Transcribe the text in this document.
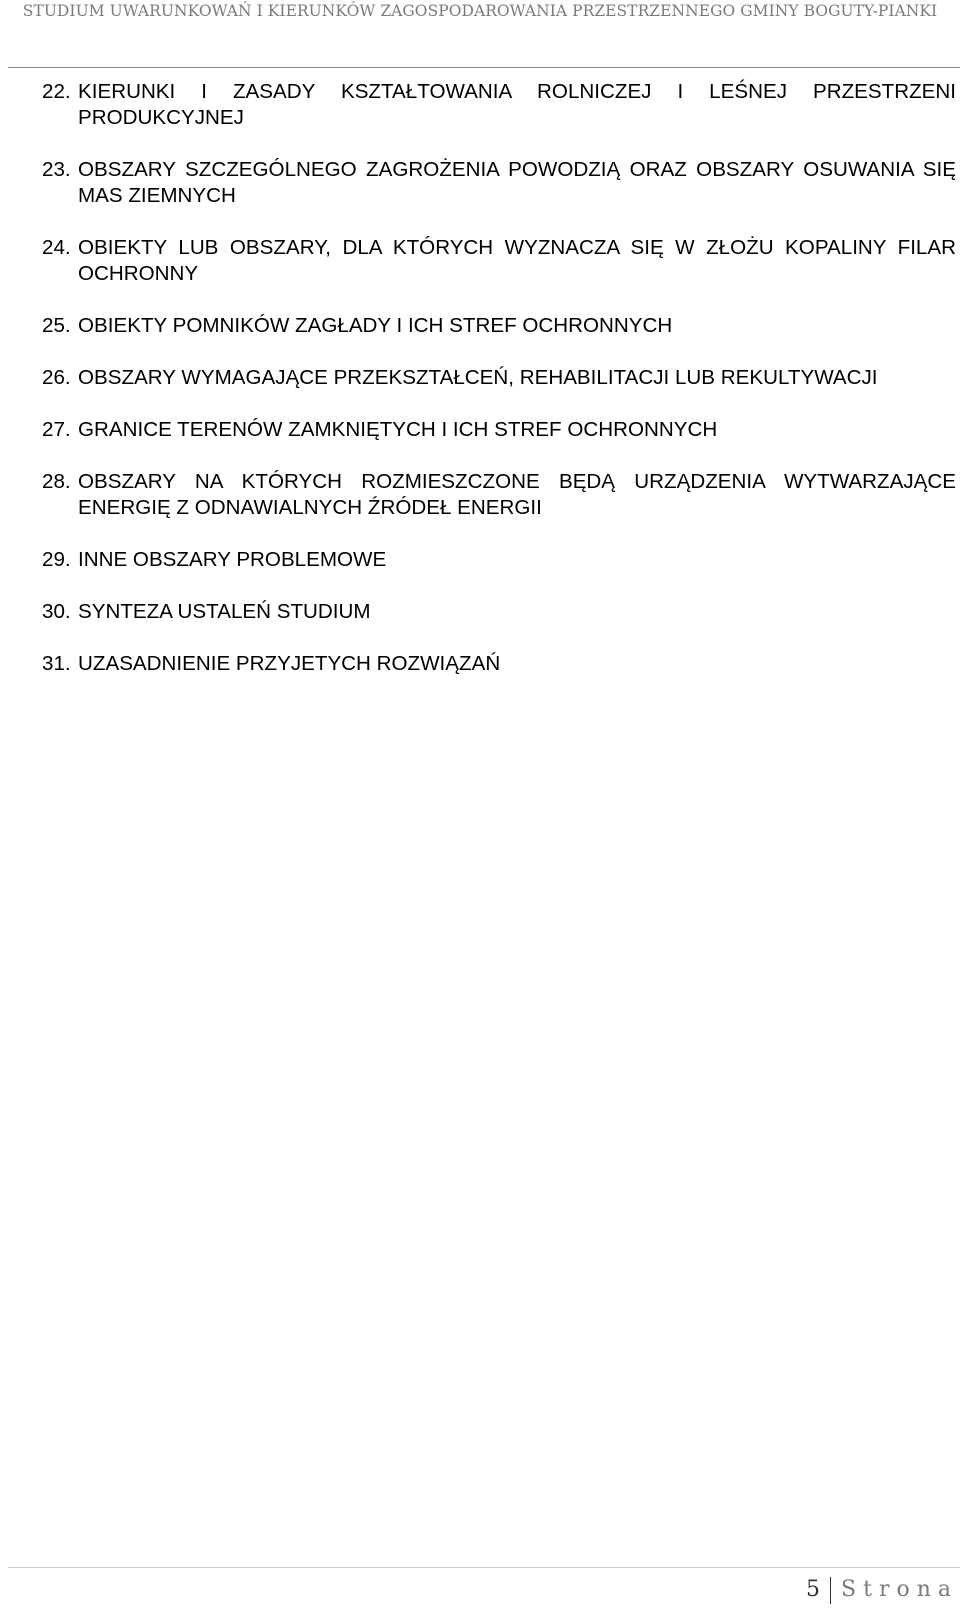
STUDIUM UWARUNKOWAŃ I KIERUNKÓW ZAGOSPODAROWANIA PRZESTRZENNEGO GMINY BOGUTY-PIANKI
22. KIERUNKI I ZASADY KSZTAŁTOWANIA ROLNICZEJ I LEŚNEJ PRZESTRZENI PRODUKCYJNEJ
23. OBSZARY SZCZEGÓLNEGO ZAGROŻENIA POWODZIĄ ORAZ OBSZARY OSUWANIA SIĘ MAS ZIEMNYCH
24. OBIEKTY LUB OBSZARY, DLA KTÓRYCH WYZNACZA SIĘ W ZŁOŻU KOPALINY FILAR OCHRONNY
25. OBIEKTY POMNIKÓW ZAGŁADY I ICH STREF OCHRONNYCH
26. OBSZARY WYMAGAJĄCE PRZEKSZTAŁCEŃ, REHABILITACJI LUB REKULTYWACJI
27. GRANICE TERENÓW ZAMKNIĘTYCH I ICH STREF OCHRONNYCH
28. OBSZARY NA KTÓRYCH ROZMIESZCZONE BĘDĄ URZĄDZENIA WYTWARZAJĄCE ENERGIĘ Z ODNAWIALNYCH ŹRÓDEŁ ENERGII
29. INNE OBSZARY PROBLEMOWE
30. SYNTEZA USTALEŃ STUDIUM
31. UZASADNIENIE PRZYJETYCH ROZWIĄZAŃ
5 Strona
